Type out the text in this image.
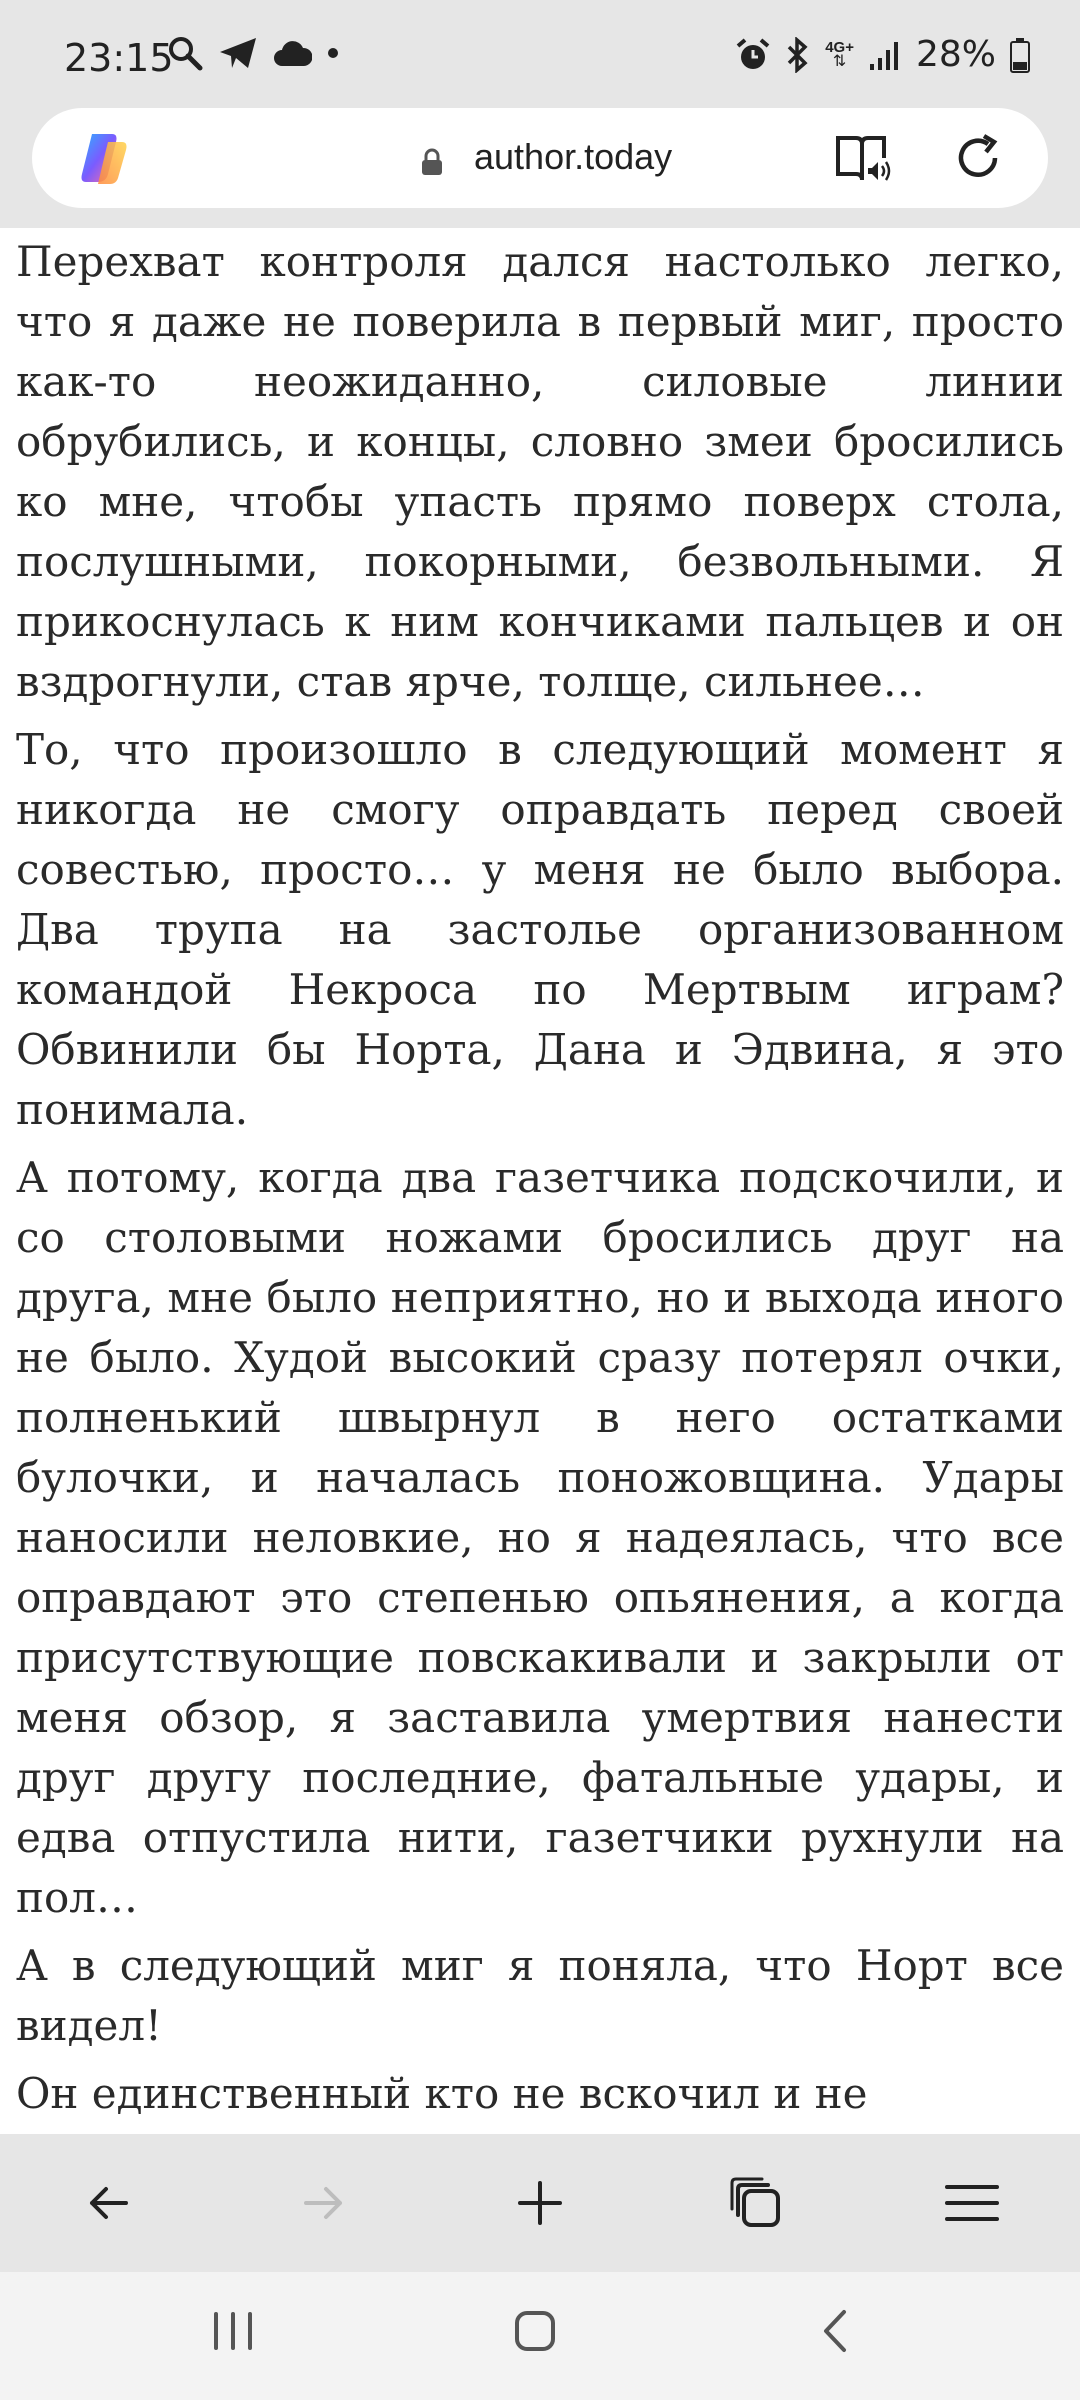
23:15	4G+
⇅ 28%
author.today

Перехват контроля дался настолько легко, что я даже не поверила в первый миг, просто как-то неожиданно, силовые линии обрубились, и концы, словно змеи бросились ко мне, чтобы упасть прямо поверх стола, послушными, покорными, безвольными. Я прикоснулась к ним кончиками пальцев и он вздрогнули, став ярче, толще, сильнее…

То, что произошло в следующий момент я никогда не смогу оправдать перед своей совестью, просто… у меня не было выбора. Два трупа на застолье организованном командой Некроса по Мертвым играм? Обвинили бы Норта, Дана и Эдвина, я это понимала.

А потому, когда два газетчика подскочили, и со столовыми ножами бросились друг на друга, мне было неприятно, но и выхода иного не было. Худой высокий сразу потерял очки, полненький швырнул в него остатками булочки, и началась поножовщина. Удары наносили неловкие, но я надеялась, что все оправдают это степенью опьянения, а когда присутствующие повскакивали и закрыли от меня обзор, я заставила умертвия нанести друг другу последние, фатальные удары, и едва отпустила нити, газетчики рухнули на пол…

А в следующий миг я поняла, что Норт все видел!

Он единственный кто не вскочил и не
